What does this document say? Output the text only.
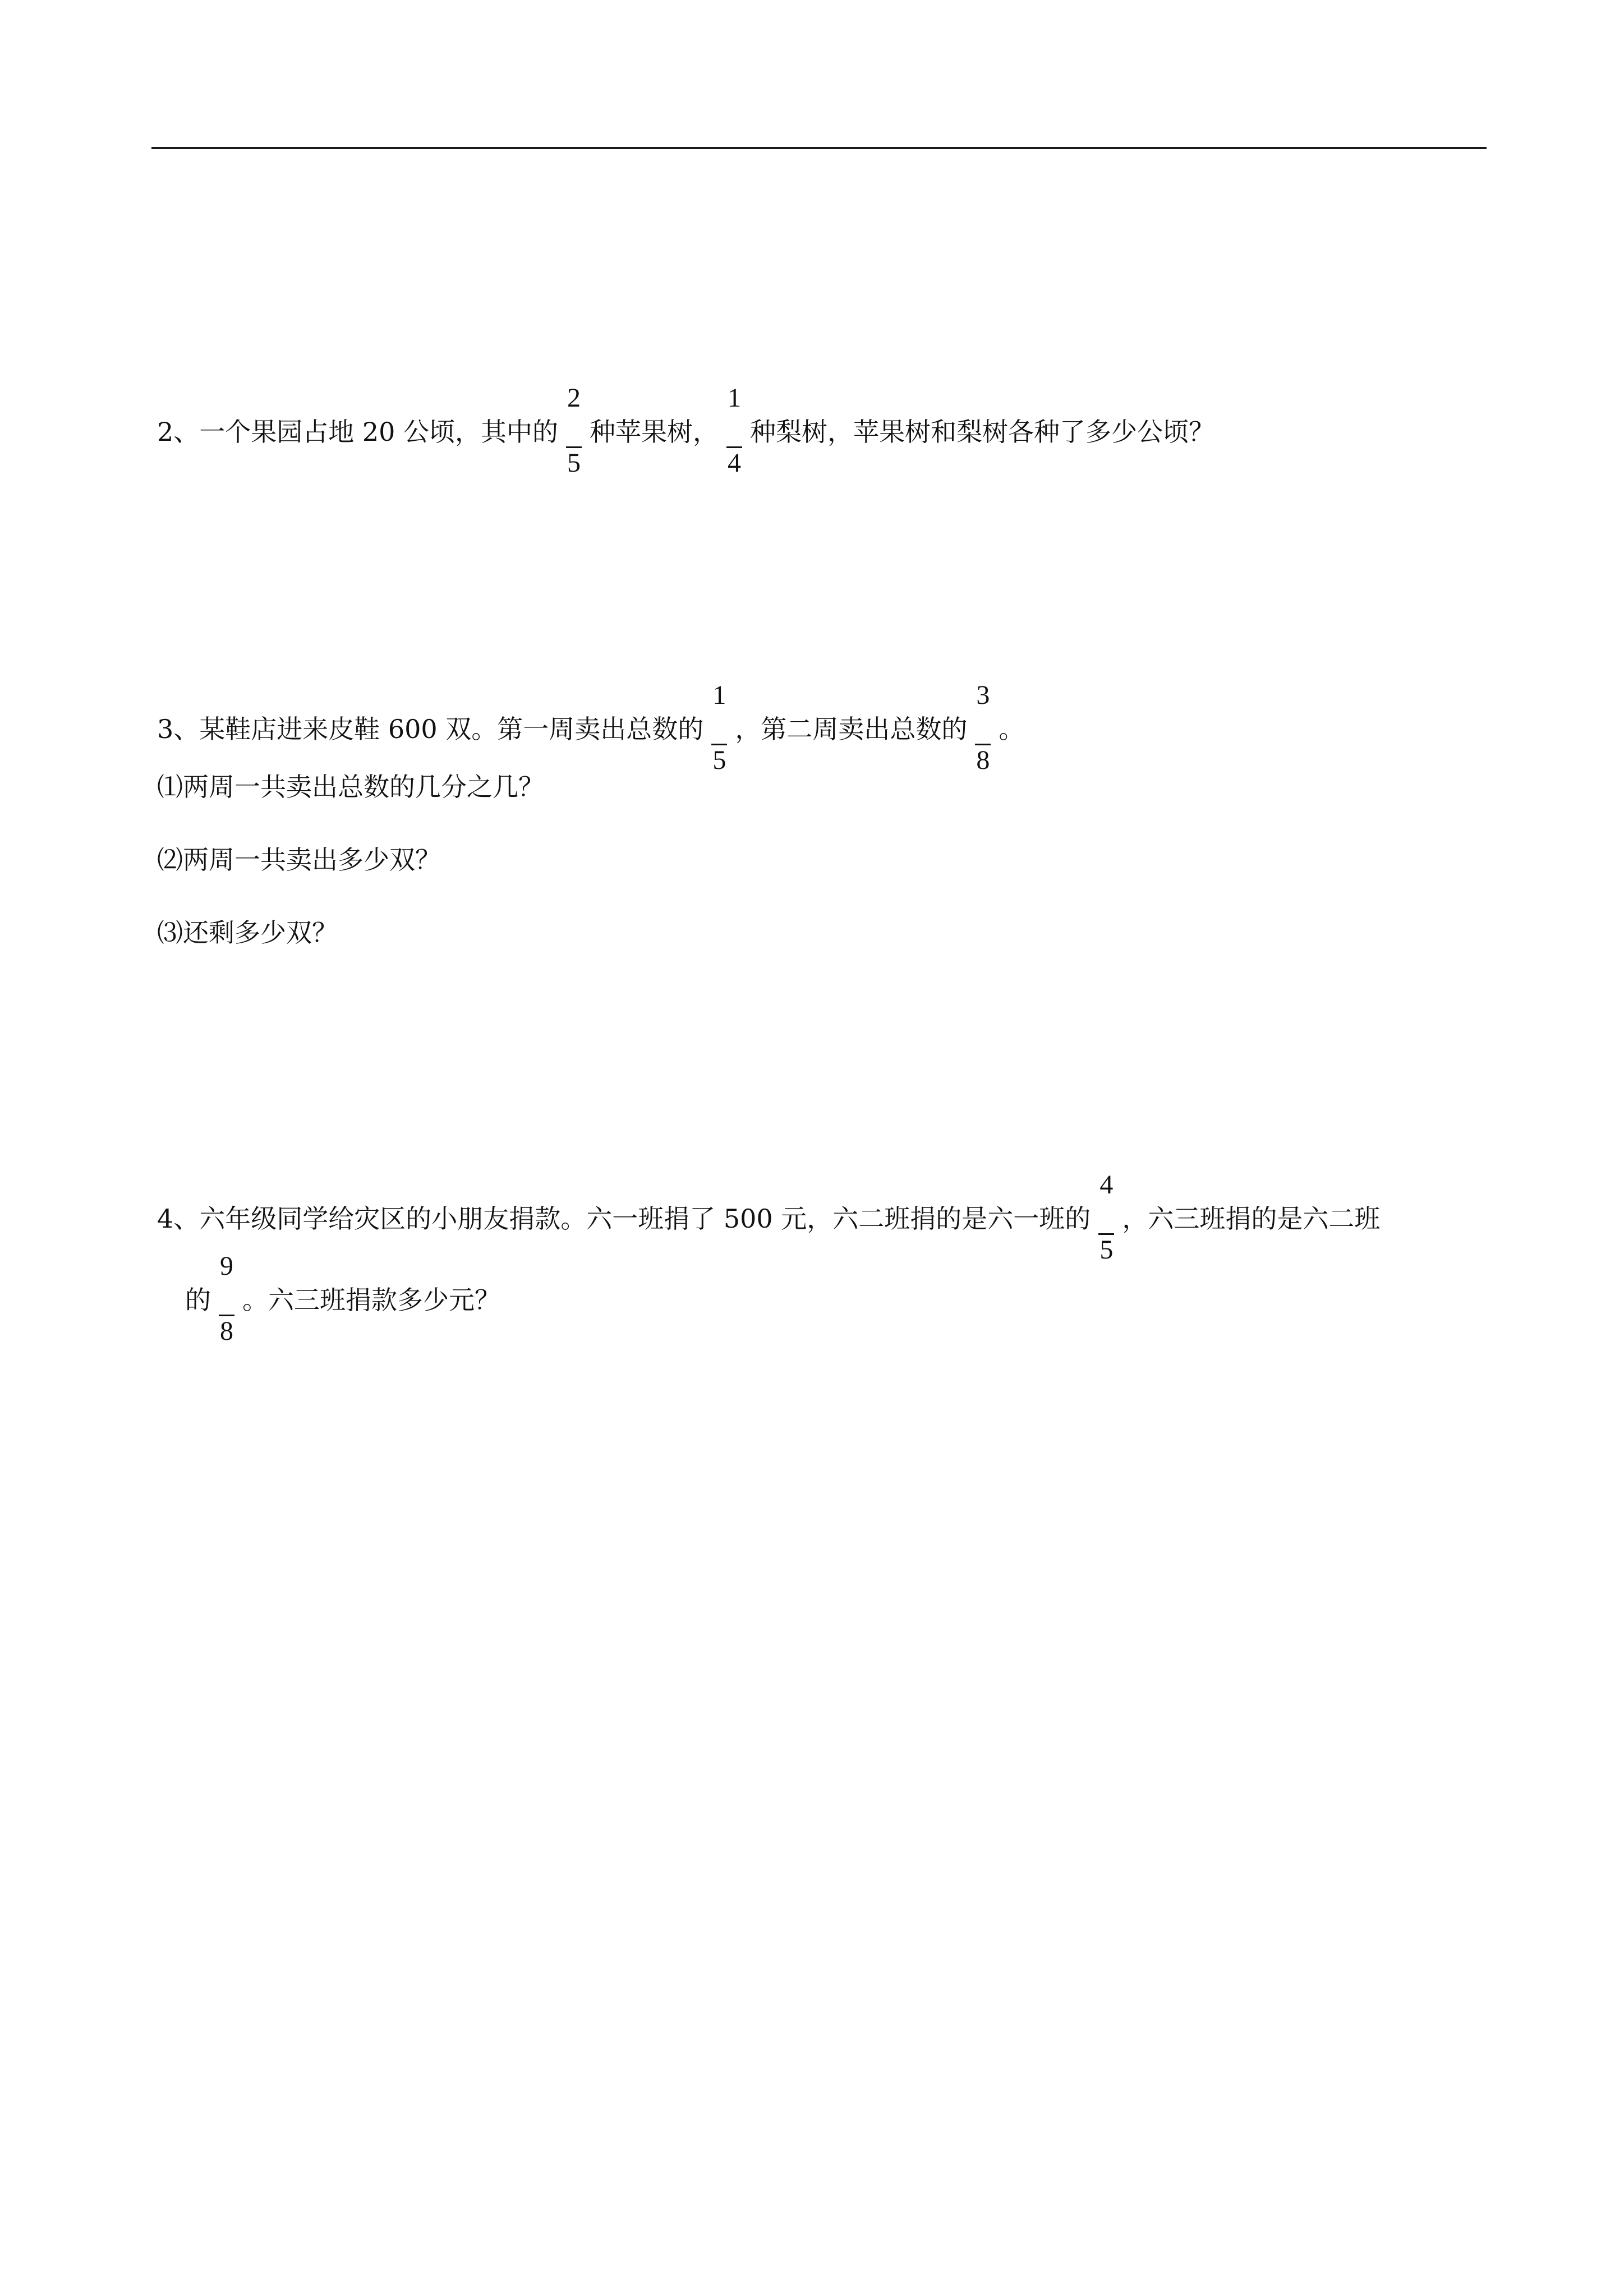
2、一个果园占地 20 公顷，其中的 $\frac{2}{5}$ 种苹果树， $\frac{1}{4}$ 种梨树，苹果树和梨树各种了多少公顷？
3、某鞋店进来皮鞋 600 双。第一周卖出总数的 $\frac{1}{5}$ ，第二周卖出总数的 $\frac{3}{8}$ 。
⑴两周一共卖出总数的几分之几？
⑵两周一共卖出多少双？
⑶还剩多少双？
4、六年级同学给灾区的小朋友捐款。六一班捐了 500 元，六二班捐的是六一班的 $\frac{4}{5}$ ，六三班捐的是六二班
的 $\frac{9}{8}$ 。六三班捐款多少元？
